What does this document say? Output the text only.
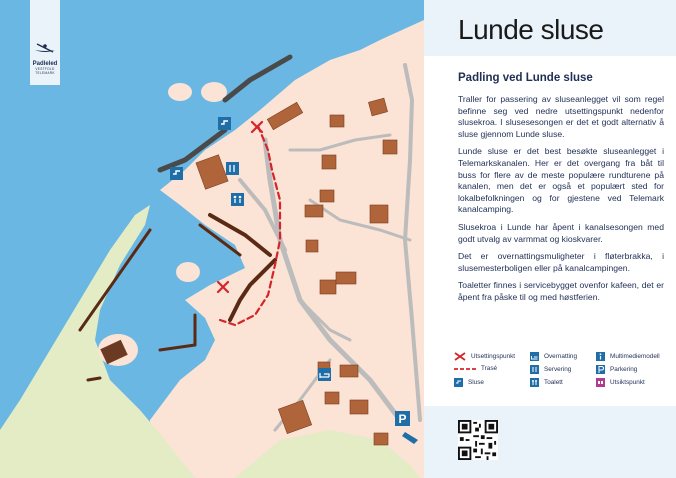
P
Padleled
VESTFOLD TELEMARK
Lunde sluse
Padling ved Lunde sluse

Traller for passering av sluseanlegget vil som regel befinne seg ved nedre utsettingspunkt nedenfor slusekroa. I slusesesongen er det et godt alternativ å sluse gjennom Lunde sluse.

Lunde sluse er det best besøkte sluseanlegget i Telemarkskanalen. Her er det overgang fra båt til buss for flere av de meste populære rundturene på kanalen, men det er også et populært sted for lokalbefolkningen og for gjestene ved Telemark kanalcamping.

Slusekroa i Lunde har åpent i kanalsesongen med godt utvalg av varmmat og kioskvarer.

Det er overnattingsmuligheter i fløterbrakka, i slusemesterboligen eller på kanalcampingen.

Toaletter finnes i servicebygget ovenfor kafeen, det er åpent fra påske til og med høstferien.

Utsettingspunkt
Trasé
Sluse
Overnatting
Servering
Toalett
Multimediemodell
Parkering
Utsiktspunkt
